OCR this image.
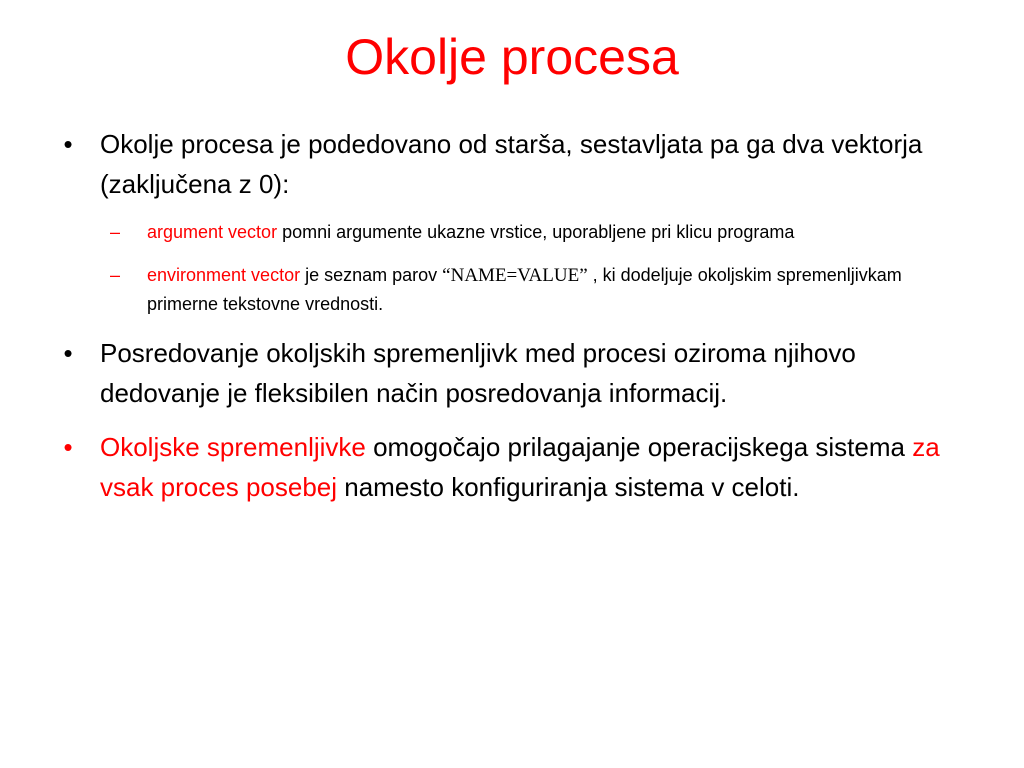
Okolje procesa
• Okolje procesa je podedovano od starša, sestavljata pa ga dva vektorja (zaključena z 0):
–	argument vector pomni argumente ukazne vrstice, uporabljene pri klicu programa
–	environment vector je seznam parov “NAME=VALUE” , ki dodeljuje okoljskim spremenljivkam primerne tekstovne vrednosti.
• Posredovanje okoljskih spremenljivk med procesi oziroma njihovo dedovanje je fleksibilen način posredovanja informacij.
• Okoljske spremenljivke omogočajo prilagajanje operacijskega sistema za vsak proces posebej namesto konfiguriranja sistema v celoti.
